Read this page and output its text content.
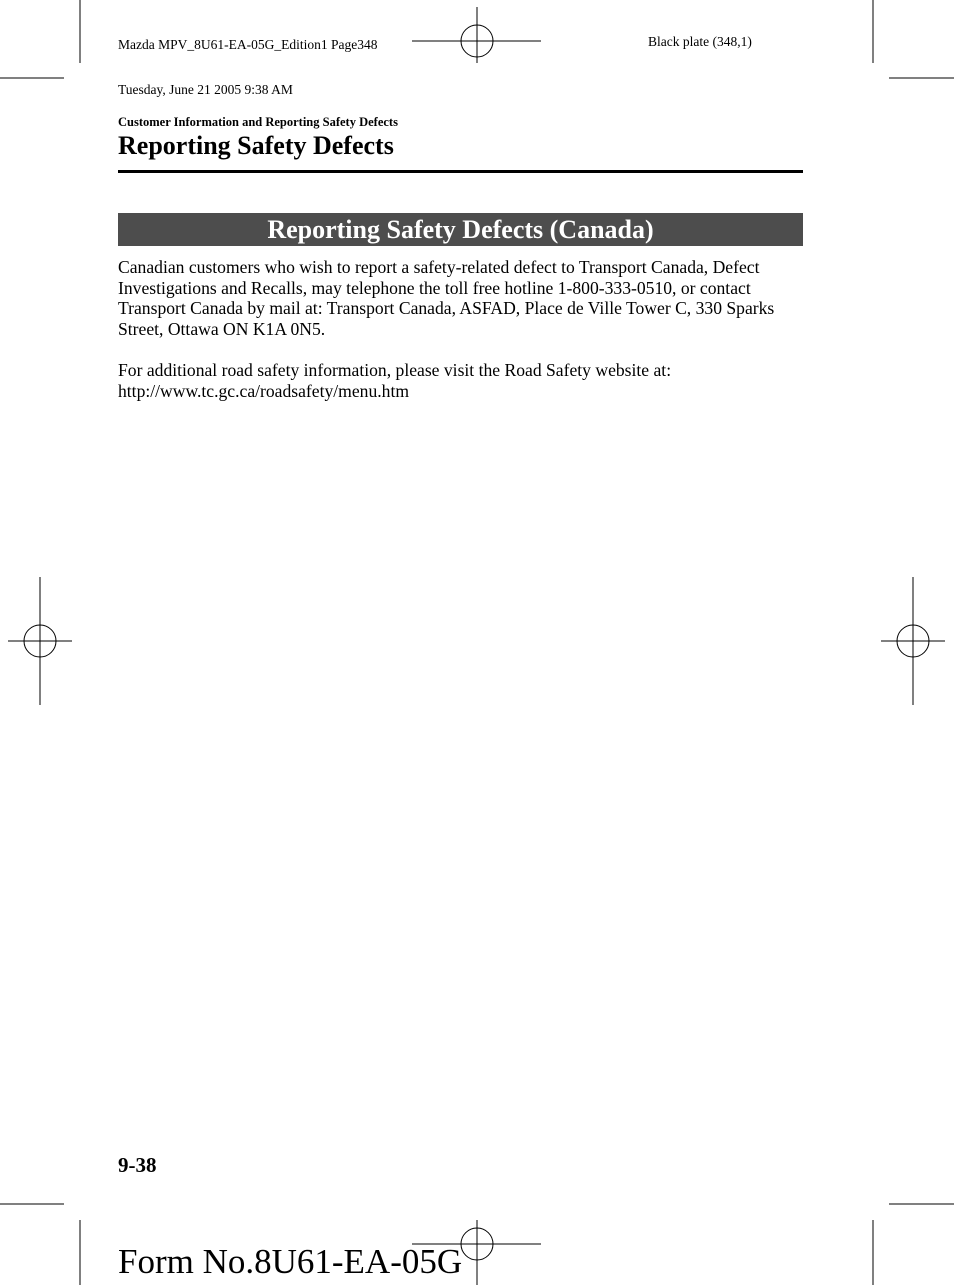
Mazda MPV_8U61-EA-05G_Edition1 Page348

Tuesday, June 21 2005 9:38 AM

Black plate (348,1)
Customer Information and Reporting Safety Defects
Reporting Safety Defects
Reporting Safety Defects (Canada)

Canadian customers who wish to report a safety-related defect to Transport Canada, Defect Investigations and Recalls, may telephone the toll free hotline 1-800-333-0510, or contact Transport Canada by mail at: Transport Canada, ASFAD, Place de Ville Tower C, 330 Sparks Street, Ottawa ON K1A 0N5.

For additional road safety information, please visit the Road Safety website at:
http://www.tc.gc.ca/roadsafety/menu.htm

9-38
Form No.8U61-EA-05G
